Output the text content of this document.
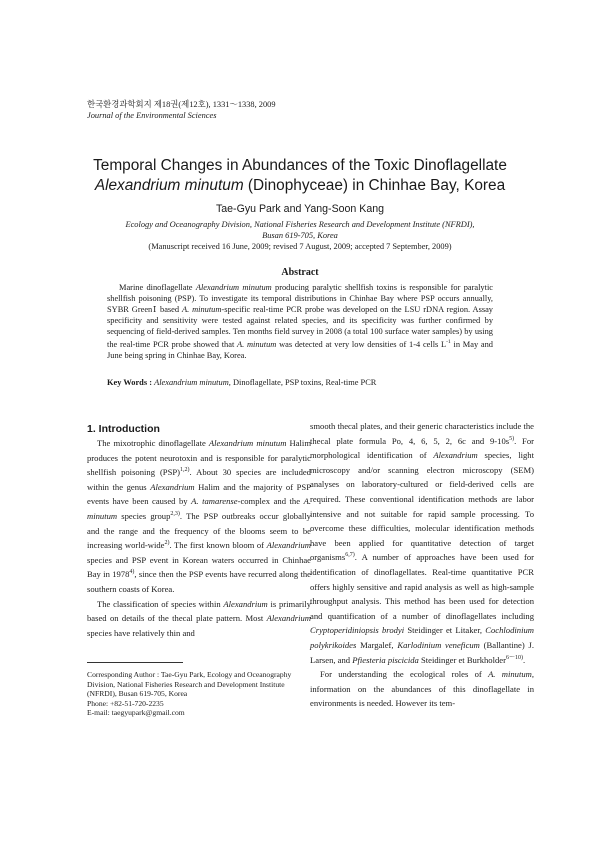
한국환경과학회지 제18권(제12호), 1331～1338, 2009
Journal of the Environmental Sciences
Temporal Changes in Abundances of the Toxic Dinoflagellate
Alexandrium minutum (Dinophyceae) in Chinhae Bay, Korea
Tae-Gyu Park and Yang-Soon Kang
Ecology and Oceanography Division, National Fisheries Research and Development Institute (NFRDI),
Busan 619-705, Korea
(Manuscript received 16 June, 2009; revised 7 August, 2009; accepted 7 September, 2009)
Abstract
Marine dinoflagellate Alexandrium minutum producing paralytic shellfish toxins is responsible for paralytic shellfish poisoning (PSP). To investigate its temporal distributions in Chinhae Bay where PSP occurs annually, SYBR GreenⅠ based A. minutum-specific real-time PCR probe was developed on the LSU rDNA region. Assay specificity and sensitivity were tested against related species, and its specificity was further confirmed by sequencing of field-derived samples. Ten months field survey in 2008 (a total 100 surface water samples) by using the real-time PCR probe showed that A. minutum was detected at very low densities of 1-4 cells $L^{-1}$ in May and June being spring in Chinhae Bay, Korea.
Key Words : Alexandrium minutum, Dinoflagellate, PSP toxins, Real-time PCR
1. Introduction

The mixotrophic dinoflagellate Alexandrium minutum Halim produces the potent neurotoxin and is responsible for paralytic shellfish poisoning (PSP)$^{1,2)}$. About 30 species are included within the genus Alexandrium Halim and the majority of PSP events have been caused by A. tamarense-complex and the A. minutum species group$^{2,3)}$. The PSP outbreaks occur globally and the range and the frequency of the blooms seem to be increasing world-wide$^{2)}$. The first known bloom of Alexandrium species and PSP event in Korean waters occurred in Chinhae Bay in 1978$^{4)}$, since then the PSP events have recurred along the southern coasts of Korea.

The classification of species within Alexandrium is primarily based on details of the thecal plate pattern. Most Alexandrium species have relatively thin and

smooth thecal plates, and their generic characteristics include the thecal plate formula Po, 4, 6, 5, 2, 6c and $9-10s^{5)}$. For morphological identification of Alexandrium species, light microscopy and/or scanning electron microscopy (SEM) analyses on laboratory-cultured or field-derived cells are required. These conventional identification methods are labor intensive and not suitable for rapid sample processing. To overcome these difficulties, molecular identification methods have been applied for quantitative detection of target organisms$^{6,7)}$. A number of approaches have been used for identification of dinoflagellates. Real-time quantitative PCR offers highly sensitive and rapid analysis as well as high-sample throughput analysis. This method has been used for detection and quantification of a number of dinoflagellates including Cryptoperidiniopsis brodyi Steidinger et Litaker, Cochlodinium polykrikoides Margalef, Karlodinium veneficum (Ballantine) J. Larsen, and Pfiesteria piscicida Steidinger et Burkholder$^{6\sim 10)}$.

For understanding the ecological roles of A. minutum, information on the abundances of this dinoflagellate in environments is needed. However its tem-

Corresponding Author : Tae-Gyu Park, Ecology and Oceanography Division, National Fisheries Research and Development Institute (NFRDI), Busan 619-705, Korea
Phone: +82-51-720-2235
E-mail: taegyupark@gmail.com
